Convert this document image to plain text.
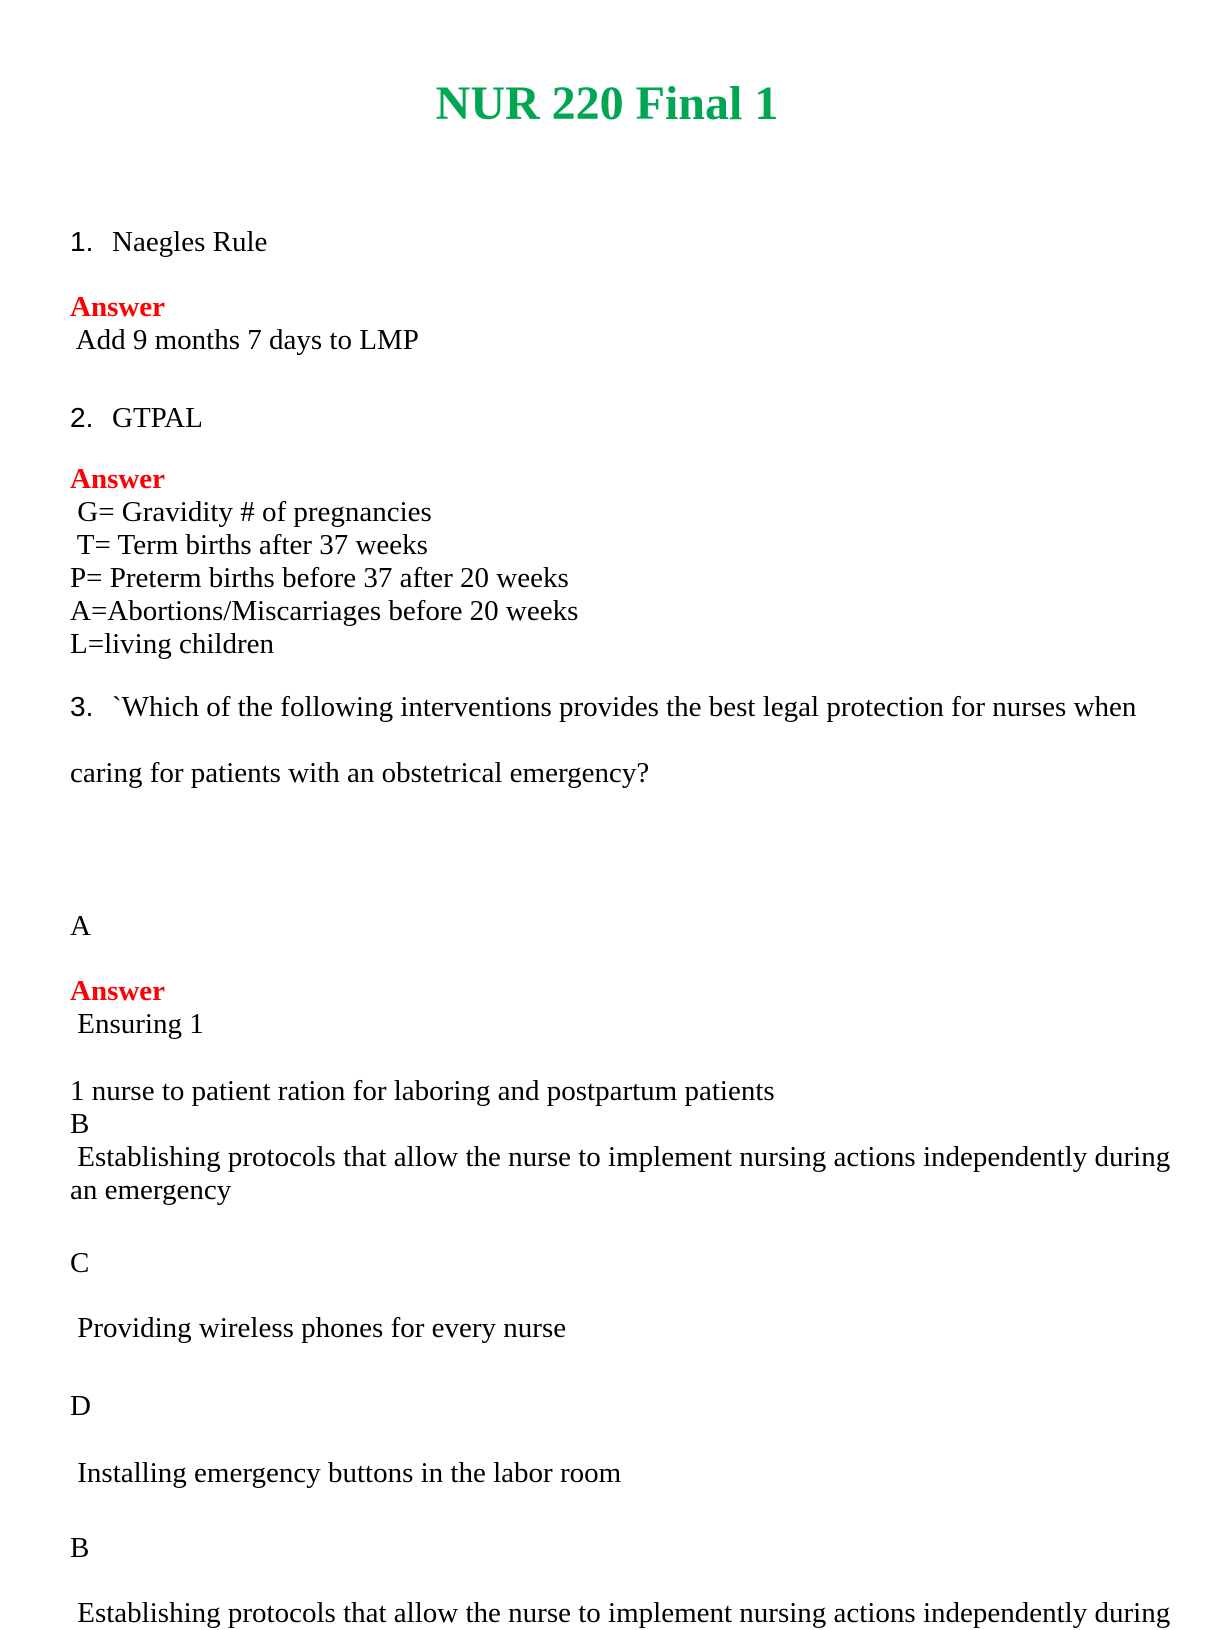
NUR 220 Final 1
1. Naegles Rule
Answer
Add 9 months 7 days to LMP
2. GTPAL
Answer
G= Gravidity # of pregnancies
T= Term births after 37 weeks
P= Preterm births before 37 after 20 weeks
A=Abortions/Miscarriages before 20 weeks
L=living children
3. `Which of the following interventions provides the best legal protection for nurses when

caring for patients with an obstetrical emergency?

A
Answer
Ensuring 1
1 nurse to patient ration for laboring and postpartum patients
B
Establishing protocols that allow the nurse to implement nursing actions independently during
an emergency
C
Providing wireless phones for every nurse
D
Installing emergency buttons in the labor room
B
Establishing protocols that allow the nurse to implement nursing actions independently during
